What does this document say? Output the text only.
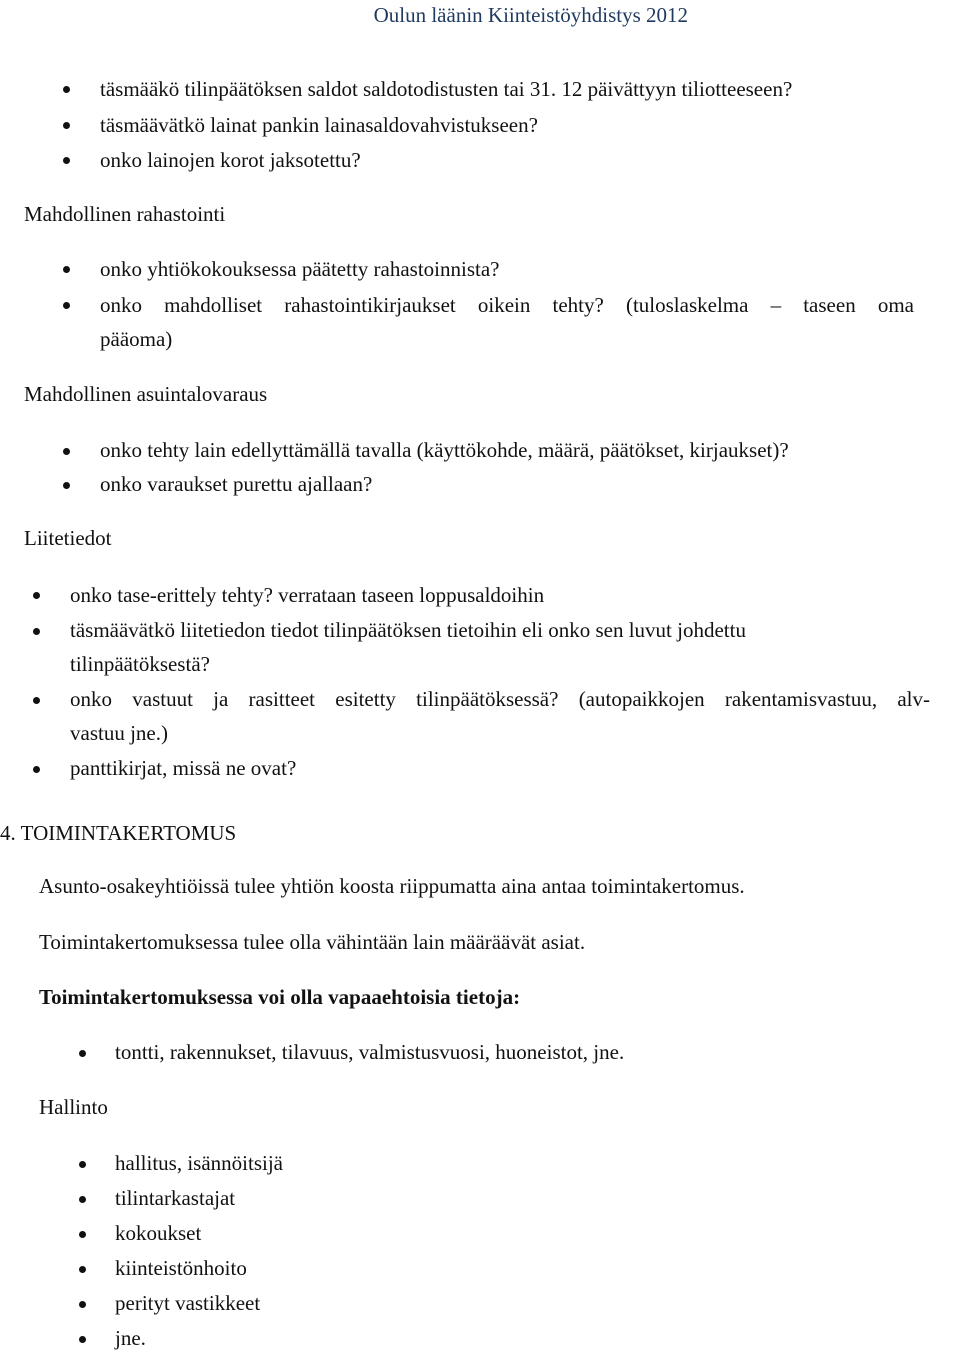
Oulun läänin Kiinteistöyhdistys 2012

täsmääkö tilinpäätöksen saldot saldotodistusten tai 31. 12 päivättyyn tiliotteeseen?

täsmäävätkö lainat pankin lainasaldovahvistukseen?

onko lainojen korot jaksotettu?

Mahdollinen rahastointi

onko yhtiökokouksessa päätetty rahastoinnista?

onko mahdolliset rahastointikirjaukset oikein tehty? (tuloslaskelma – taseen oma

pääoma)

Mahdollinen asuintalovaraus

onko tehty lain edellyttämällä tavalla (käyttökohde, määrä, päätökset, kirjaukset)?

onko varaukset purettu ajallaan?

Liitetiedot

onko tase-erittely tehty? verrataan taseen loppusaldoihin

täsmäävätkö liitetiedon tiedot tilinpäätöksen tietoihin eli onko sen luvut johdettu

tilinpäätöksestä?

onko vastuut ja rasitteet esitetty tilinpäätöksessä? (autopaikkojen rakentamisvastuu, alv-

vastuu jne.)

panttikirjat, missä ne ovat?

4. TOIMINTAKERTOMUS

Asunto-osakeyhtiöissä tulee yhtiön koosta riippumatta aina antaa toimintakertomus.

Toimintakertomuksessa tulee olla vähintään lain määräävät asiat.

Toimintakertomuksessa voi olla vapaaehtoisia tietoja:

tontti, rakennukset, tilavuus, valmistusvuosi, huoneistot, jne.

Hallinto

hallitus, isännöitsijä

tilintarkastajat

kokoukset

kiinteistönhoito

perityt vastikkeet

jne.
